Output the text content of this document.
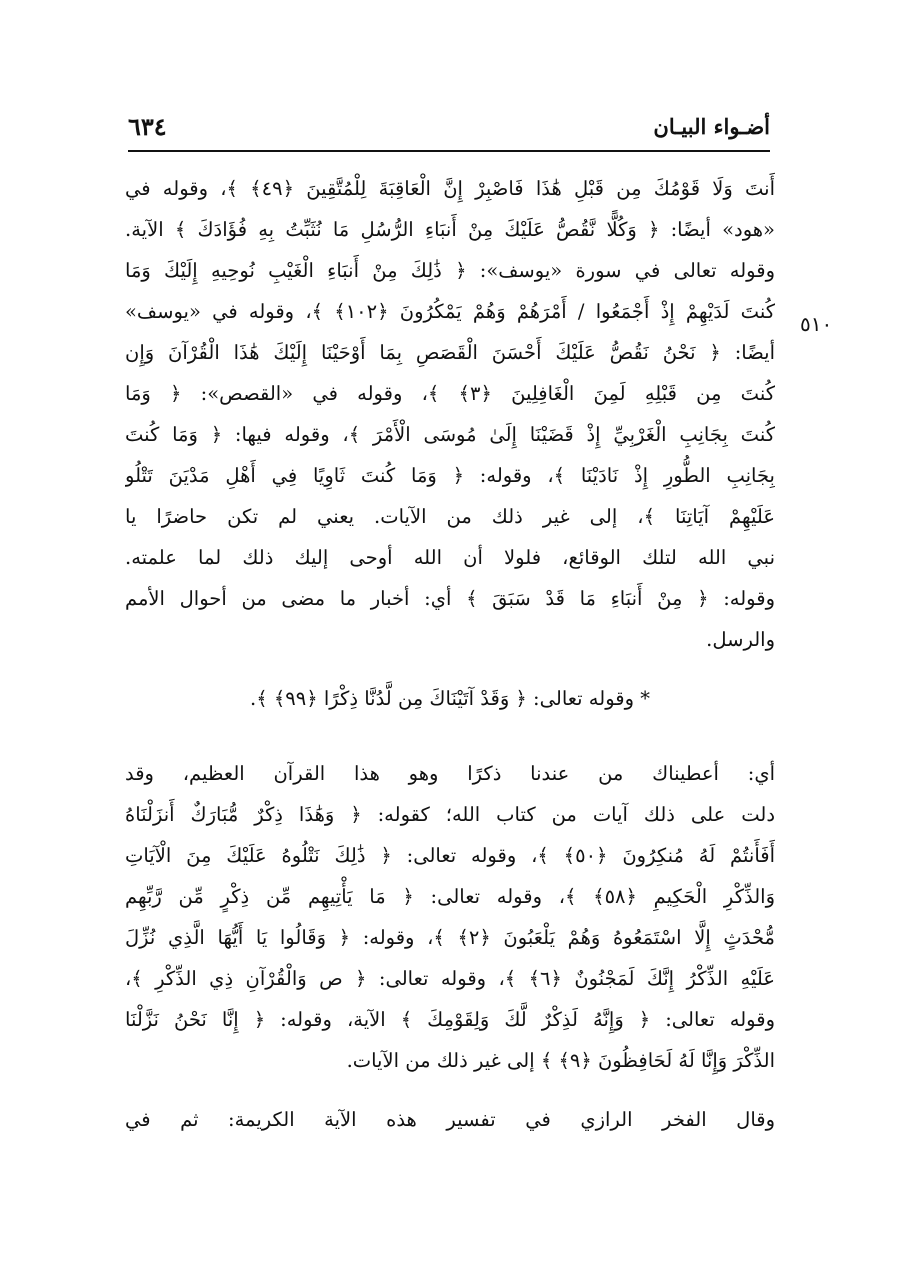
٦٣٤	أضـواء البيـان
٥١٠
أَنتَ وَلَا قَوْمُكَ مِن قَبْلِ هَٰذَا فَاصْبِرْ إِنَّ الْعَاقِبَةَ لِلْمُتَّقِينَ ﴿٤٩﴾ ﴾، وقوله في
«هود» أيضًا: ﴿ وَكُلًّا نَّقُصُّ عَلَيْكَ مِنْ أَنبَاءِ الرُّسُلِ مَا نُثَبِّتُ بِهِ فُؤَادَكَ ﴾ الآية.
وقوله تعالى في سورة «يوسف»: ﴿ ذَٰلِكَ مِنْ أَنبَاءِ الْغَيْبِ نُوحِيهِ إِلَيْكَ وَمَا
كُنتَ لَدَيْهِمْ إِذْ أَجْمَعُوا / أَمْرَهُمْ وَهُمْ يَمْكُرُونَ ﴿١٠٢﴾ ﴾، وقوله في «يوسف»
أيضًا: ﴿ نَحْنُ نَقُصُّ عَلَيْكَ أَحْسَنَ الْقَصَصِ بِمَا أَوْحَيْنَا إِلَيْكَ هَٰذَا الْقُرْآنَ وَإِن
كُنتَ مِن قَبْلِهِ لَمِنَ الْغَافِلِينَ ﴿٣﴾ ﴾، وقوله في «القصص»: ﴿ وَمَا
كُنتَ بِجَانِبِ الْغَرْبِيِّ إِذْ قَضَيْنَا إِلَىٰ مُوسَى الْأَمْرَ ﴾، وقوله فيها: ﴿ وَمَا كُنتَ
بِجَانِبِ الطُّورِ إِذْ نَادَيْنَا ﴾، وقوله: ﴿ وَمَا كُنتَ ثَاوِيًا فِي أَهْلِ مَدْيَنَ تَتْلُو
عَلَيْهِمْ آيَاتِنَا ﴾، إلى غير ذلك من الآيات. يعني لم تكن حاضرًا يا
نبي الله لتلك الوقائع، فلولا أن الله أوحى إليك ذلك لما علمته.
وقوله: ﴿ مِنْ أَنبَاءِ مَا قَدْ سَبَقَ ﴾ أي: أخبار ما مضى من أحوال الأمم
والرسل.
* وقوله تعالى: ﴿ وَقَدْ آتَيْنَاكَ مِن لَّدُنَّا ذِكْرًا ﴿٩٩﴾ ﴾.
أي: أعطيناك من عندنا ذكرًا وهو هذا القرآن العظيم، وقد
دلت على ذلك آيات من كتاب الله؛ كقوله: ﴿ وَهَٰذَا ذِكْرٌ مُّبَارَكٌ أَنزَلْنَاهُ
أَفَأَنتُمْ لَهُ مُنكِرُونَ ﴿٥٠﴾ ﴾، وقوله تعالى: ﴿ ذَٰلِكَ نَتْلُوهُ عَلَيْكَ مِنَ الْآيَاتِ
وَالذِّكْرِ الْحَكِيمِ ﴿٥٨﴾ ﴾، وقوله تعالى: ﴿ مَا يَأْتِيهِم مِّن ذِكْرٍ مِّن رَّبِّهِم
مُّحْدَثٍ إِلَّا اسْتَمَعُوهُ وَهُمْ يَلْعَبُونَ ﴿٢﴾ ﴾، وقوله: ﴿ وَقَالُوا يَا أَيُّهَا الَّذِي نُزِّلَ
عَلَيْهِ الذِّكْرُ إِنَّكَ لَمَجْنُونٌ ﴿٦﴾ ﴾، وقوله تعالى: ﴿ ص وَالْقُرْآنِ ذِي الذِّكْرِ ﴾،
وقوله تعالى: ﴿ وَإِنَّهُ لَذِكْرٌ لَّكَ وَلِقَوْمِكَ ﴾ الآية، وقوله: ﴿ إِنَّا نَحْنُ نَزَّلْنَا
الذِّكْرَ وَإِنَّا لَهُ لَحَافِظُونَ ﴿٩﴾ ﴾ إلى غير ذلك من الآيات.
وقال الفخر الرازي في تفسير هذه الآية الكريمة: ثم في
